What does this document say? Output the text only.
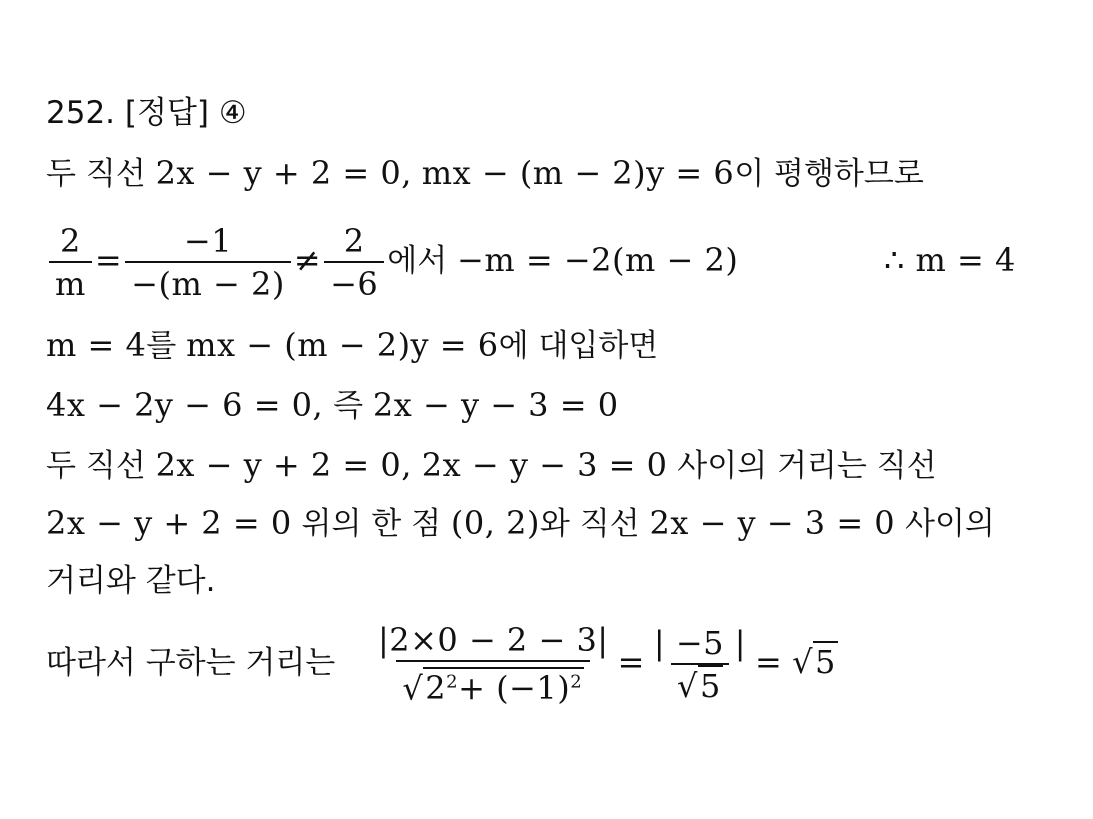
252. [정답] ④
두 직선 2x − y + 2 = 0, mx − (m − 2)y = 6이 평행하므로
$\frac{2}{m} = \frac{-1}{-(m - 2)} \ne \frac{2}{-6}$ 에서 −m = −2(m − 2)	∴ m = 4
m = 4를 mx − (m − 2)y = 6에 대입하면
4x − 2y − 6 = 0, 즉 2x − y − 3 = 0
두 직선 2x − y + 2 = 0, 2x − y − 3 = 0 사이의 거리는 직선
2x − y + 2 = 0 위의 한 점 (0, 2)와 직선 2x − y − 3 = 0 사이의
거리와 같다.
따라서 구하는 거리는 $\frac{|2\times 0 - 2 - 3|}{√2^2+ (-1)^2} = \frac{| -5 |}{√5} = √5$
